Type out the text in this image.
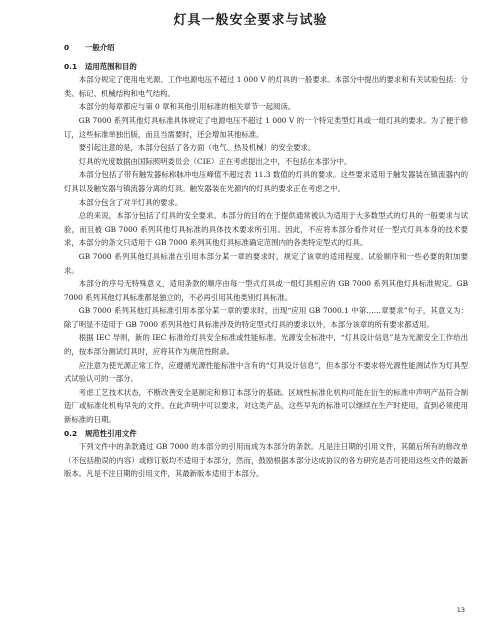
灯具一般安全要求与试验
0 一般介绍
0.1 适用范围和目的

本部分规定了使用电光源、工作电源电压不超过 1 000 V 的灯具的一般要求。本部分中提出的要求和有关试验包括：分类、标记、机械结构和电气结构。

本部分的每章都应与第 0 章和其他引用标准的相关章节一起阅读。

GB 7000 系列其他灯具标准具体规定了电源电压不超过 1 000 V 的一个特定类型灯具或一组灯具的要求。为了便于修订，这些标准单独出版，而且当需要时，还会增加其他标准。

要引起注意的是，本部分包括了各方面（电气、热及机械）的安全要求。

灯具的光度数据由国际照明委员会（CIE）正在考虑提出之中，不包括在本部分中。

本部分包括了带有触发器标称脉冲电压峰值不超过表 11.3 数值的灯具的要求。这些要求适用于触发器装在镇流器内的灯具以及触发器与镇流器分离的灯具。触发器装在光源内的灯具的要求正在考虑之中。

本部分包含了对半灯具的要求。

总的来说，本部分包括了灯具的安全要求。本部分的目的在于提供通常被认为适用于大多数型式的灯具的一般要求与试验，而且被 GB 7000 系列其他灯具标准的具体技术要求所引用。因此，不应将本部分看作对任一型式灯具本身的技术要求，本部分的条文只适用于 GB 7000 系列其他灯具标准确定范围内的各类特定型式的灯具。

GB 7000 系列其他灯具标准在引用本部分某一章的要求时，规定了该章的适用程度、试验顺序和一些必要的附加要求。

本部分的序号无特殊意义，适用条款的顺序由每一型式灯具或一组灯具相应的 GB 7000 系列其他灯具标准规定。GB 7000 系列其他灯具标准都是独立的，不必再引用其他类别灯具标准。

GB 7000 系列其他灯具标准引用本部分某一章的要求时，出现“应用 GB 7000.1 中第……章要求”句子，其意义为：除了明显不适用于 GB 7000 系列其他灯具标准涉及的特定型式灯具的要求以外，本部分该章的所有要求都适用。

根据 IEC 导则，新的 IEC 标准给灯具安全标准或性能标准。光源安全标准中，“灯具设计信息”是为光源安全工作给出的，按本部分测试灯具时，应将其作为规范性附录。

应注意为使光源正常工作，应遵循光源性能标准中含有的“灯具设计信息”，但本部分不要求将光源性能测试作为灯具型式试验认可的一部分。

考虑工艺技术状态，不断改善安全是制定和修订本部分的基础。区域性标准化机构可能在衍生的标准中声明产品符合制造厂或标准化机构早先的文件。在此声明中可以要求，对这类产品，这些早先的标准可以继续在生产时使用，直到必须使用新标准的日期。

0.2 规范性引用文件

下列文件中的条款通过 GB 7000 的本部分的引用而成为本部分的条款。凡是注日期的引用文件，其随后所有的修改单（不包括勘误的内容）或修订版均不适用于本部分，然而，鼓励根据本部分达成协议的各方研究是否可使用这些文件的最新版本。凡是不注日期的引用文件，其最新版本适用于本部分。

13
